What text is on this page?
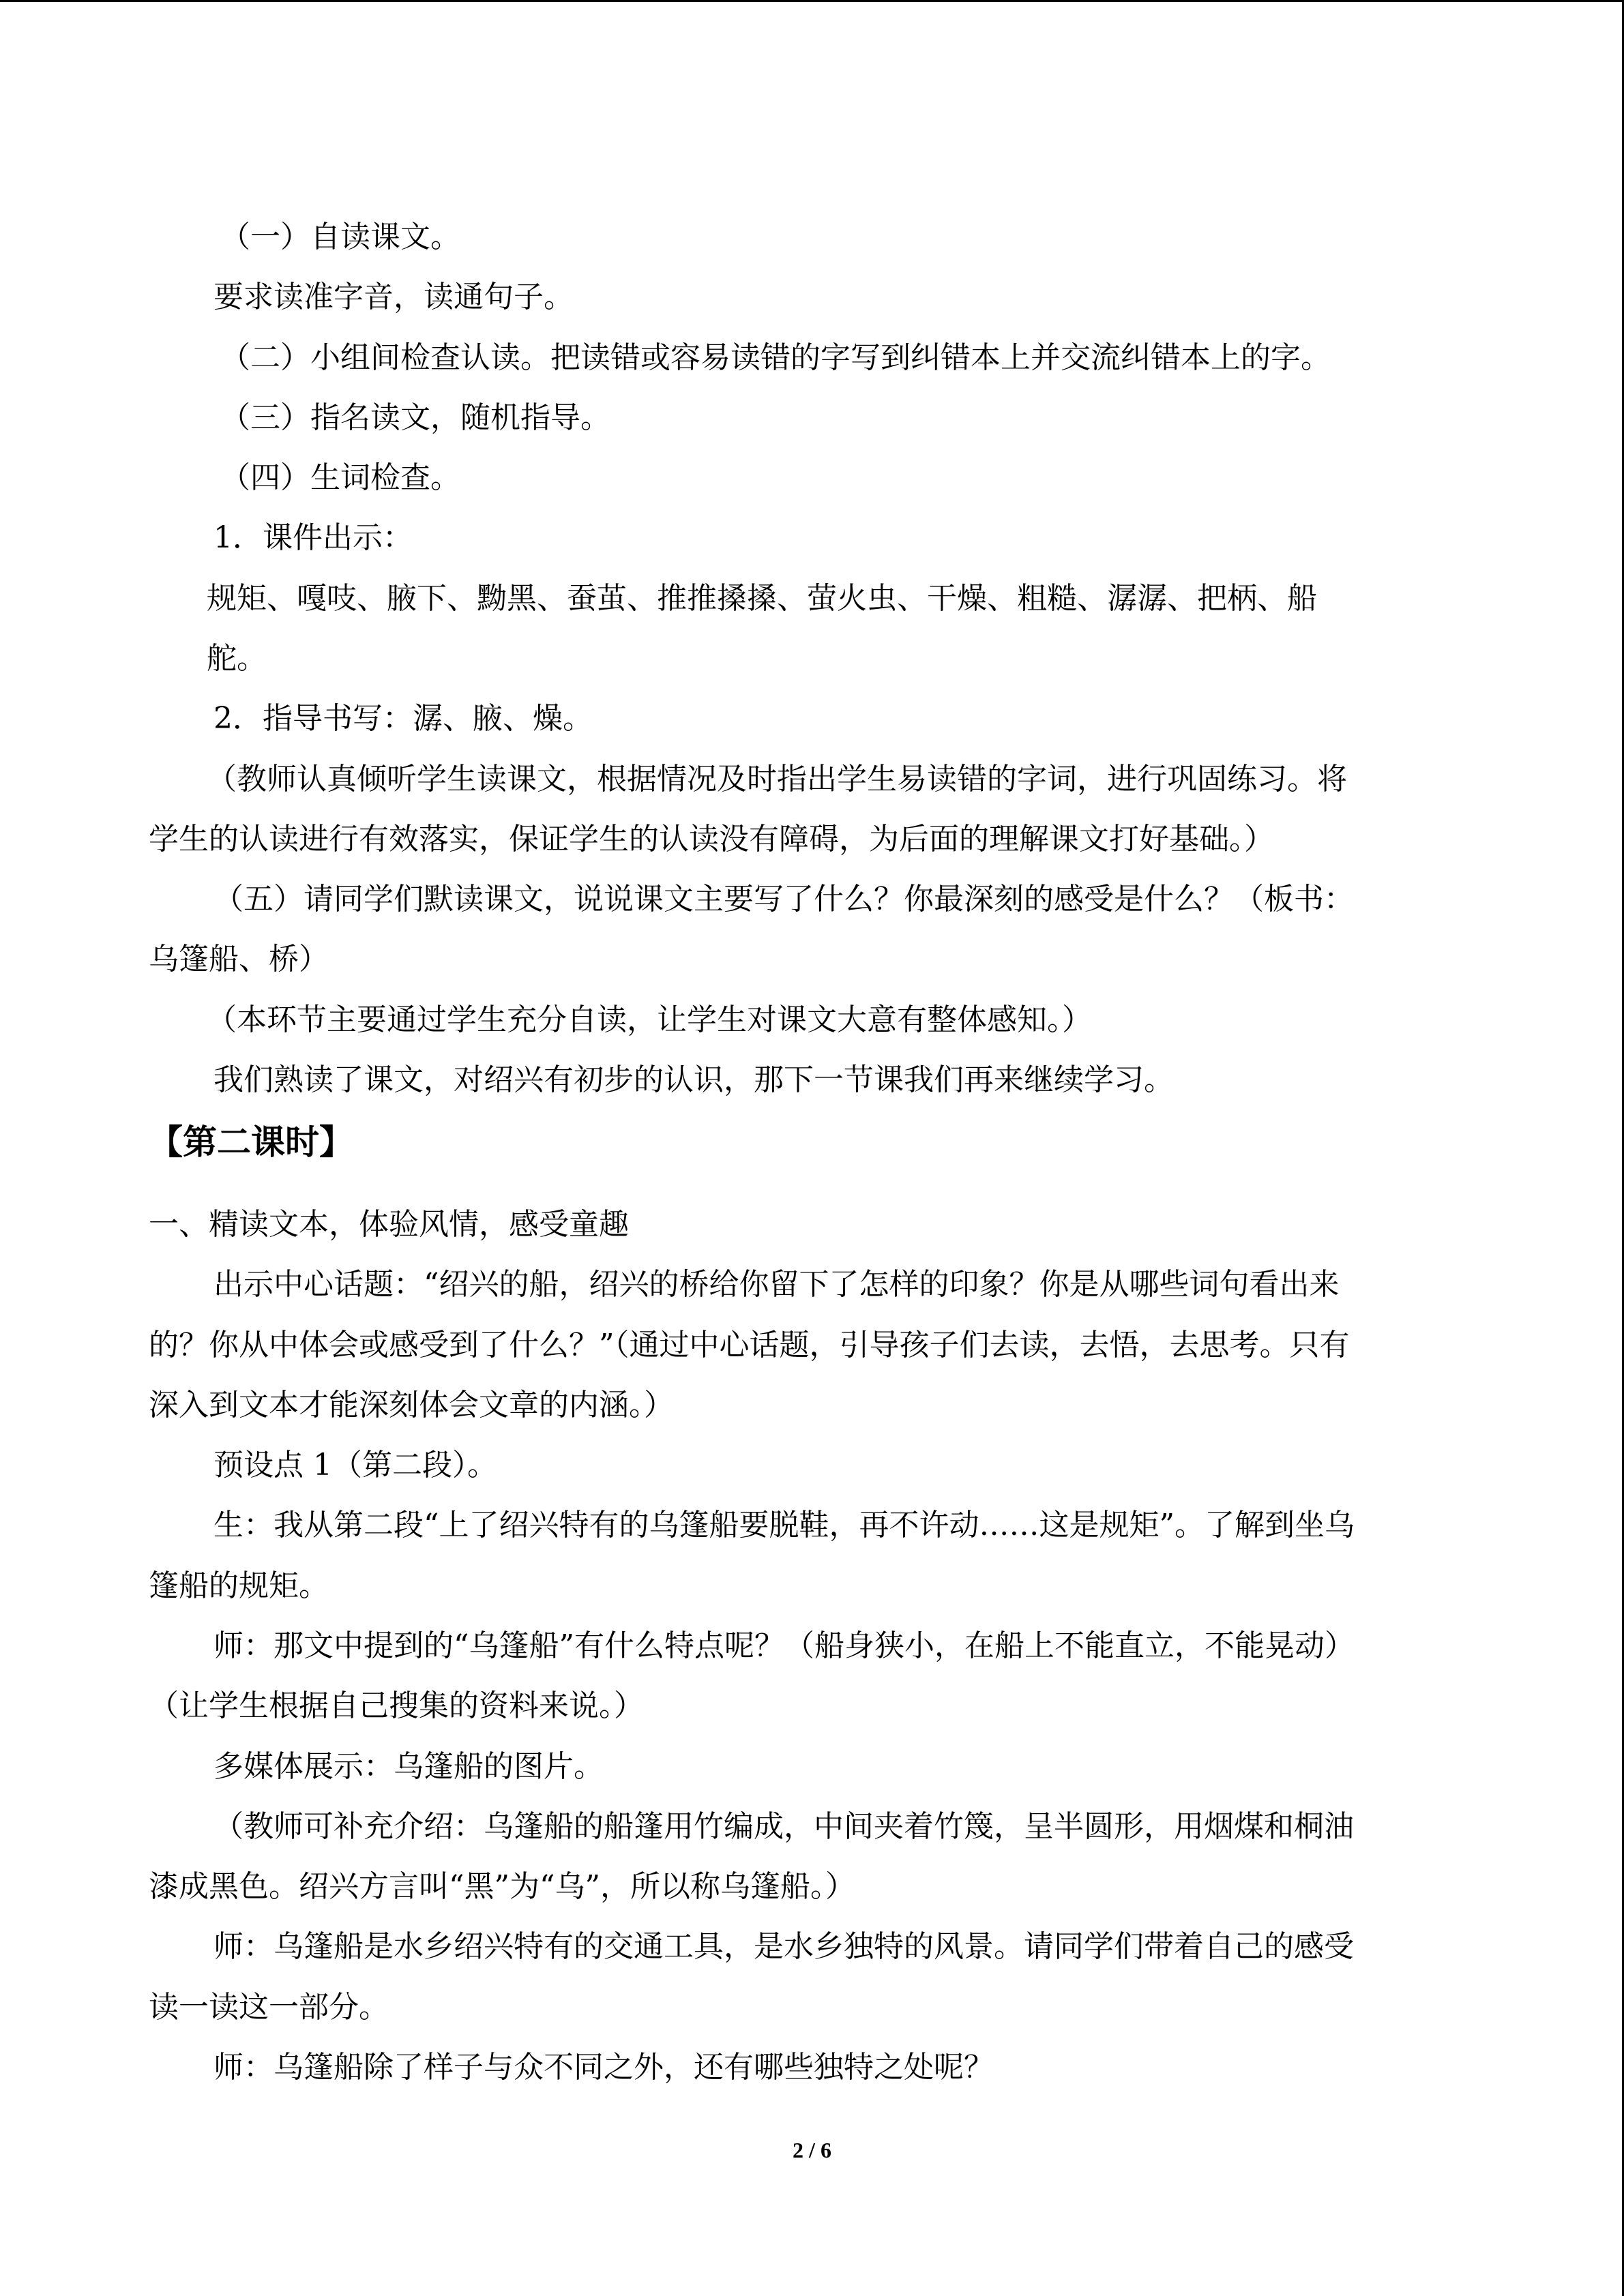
（一）自读课文。
要求读准字音，读通句子。
（二）小组间检查认读。把读错或容易读错的字写到纠错本上并交流纠错本上的字。
（三）指名读文，随机指导。
（四）生词检查。
1．课件出示：
规矩、嘎吱、腋下、黝黑、蚕茧、推推搡搡、萤火虫、干燥、粗糙、潺潺、把柄、船
舵。
2．指导书写：潺、腋、燥。
（教师认真倾听学生读课文，根据情况及时指出学生易读错的字词，进行巩固练习。将
学生的认读进行有效落实，保证学生的认读没有障碍，为后面的理解课文打好基础。）
（五）请同学们默读课文，说说课文主要写了什么？你最深刻的感受是什么？（板书：
乌篷船、桥）
（本环节主要通过学生充分自读，让学生对课文大意有整体感知。）
我们熟读了课文，对绍兴有初步的认识，那下一节课我们再来继续学习。
【第二课时】
一、精读文本，体验风情，感受童趣
出示中心话题：“绍兴的船，绍兴的桥给你留下了怎样的印象？你是从哪些词句看出来
的？你从中体会或感受到了什么？”（通过中心话题，引导孩子们去读，去悟，去思考。只有
深入到文本才能深刻体会文章的内涵。）
预设点 1（第二段）。
生：我从第二段“上了绍兴特有的乌篷船要脱鞋，再不许动……这是规矩”。了解到坐乌
篷船的规矩。
师：那文中提到的“乌篷船”有什么特点呢？（船身狭小，在船上不能直立，不能晃动）
（让学生根据自己搜集的资料来说。）
多媒体展示：乌篷船的图片。
（教师可补充介绍：乌篷船的船篷用竹编成，中间夹着竹篾，呈半圆形，用烟煤和桐油
漆成黑色。绍兴方言叫“黑”为“乌”，所以称乌篷船。）
师：乌篷船是水乡绍兴特有的交通工具，是水乡独特的风景。请同学们带着自己的感受
读一读这一部分。
师：乌篷船除了样子与众不同之外，还有哪些独特之处呢？
2 / 6
